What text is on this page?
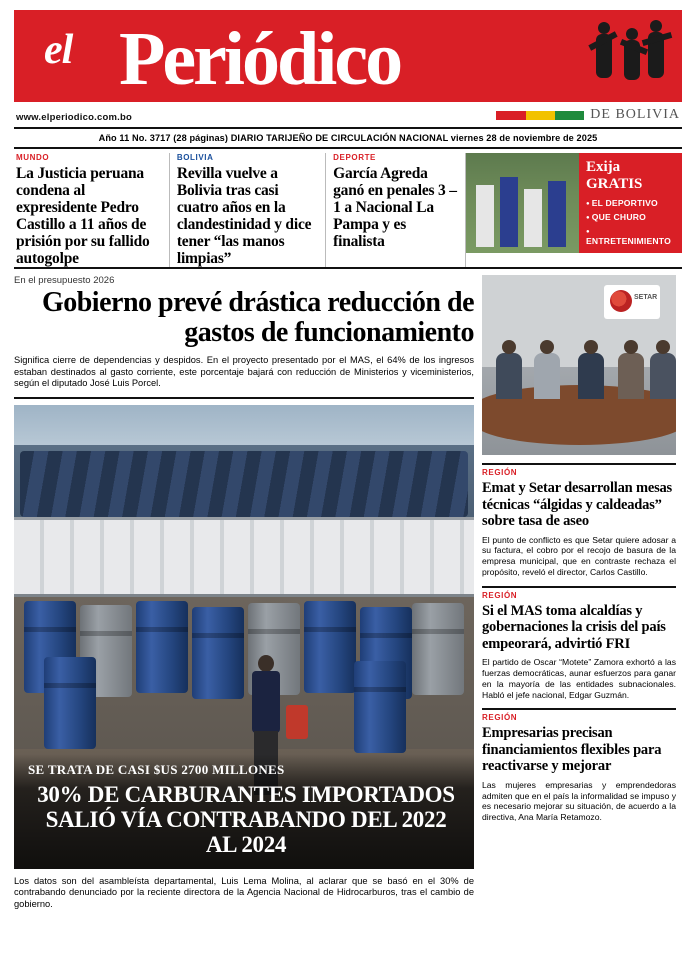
el Periódico
www.elperiodico.com.bo	DE BOLIVIA
Año 11 No. 3717 (28 páginas) DIARIO TARIJEÑO DE CIRCULACIÓN NACIONAL viernes 28 de noviembre de 2025
MUNDO
La Justicia peruana condena al expresidente Pedro Castillo a 11 años de prisión por su fallido autogolpe
BOLIVIA
Revilla vuelve a Bolivia tras casi cuatro años en la clandestinidad y dice tener “las manos limpias”
DEPORTE
García Agreda ganó en penales 3 – 1 a Nacional La Pampa y es finalista
Exija GRATIS
● EL DEPORTIVO
● QUE CHURO
● ENTRETENIMIENTO
En el presupuesto 2026
Gobierno prevé drástica reducción de gastos de funcionamiento
Significa cierre de dependencias y despidos. En el proyecto presentado por el MAS, el 64% de los ingresos estaban destinados al gasto corriente, este porcentaje bajará con reducción de Ministerios y viceministerios, según el diputado José Luis Porcel.
SE TRATA DE CASI $US 2700 MILLONES
30% DE CARBURANTES IMPORTADOS SALIÓ VÍA CONTRABANDO DEL 2022 AL 2024
Los datos son del asambleísta departamental, Luis Lema Molina, al aclarar que se basó en el 30% de contrabando denunciado por la reciente directora de la Agencia Nacional de Hidrocarburos, tras el cambio de gobierno.
SETAR
REGIÓN
Emat y Setar desarrollan mesas técnicas “álgidas y caldeadas” sobre tasa de aseo

El punto de conflicto es que Setar quiere adosar a su factura, el cobro por el recojo de basura de la empresa municipal, que en contraste rechaza el propósito, reveló el director, Carlos Castillo.

REGIÓN
Si el MAS toma alcaldías y gobernaciones la crisis del país empeorará, advirtió FRI

El partido de Oscar “Motete” Zamora exhortó a las fuerzas democráticas, aunar esfuerzos para ganar en la mayoría de las entidades subnacionales. Habló el jefe nacional, Edgar Guzmán.

REGIÓN
Empresarias precisan financiamientos flexibles para reactivarse y mejorar

Las mujeres empresarias y emprendedoras admiten que en el país la informalidad se impuso y es necesario mejorar su situación, de acuerdo a la directiva, Ana María Retamozo.
